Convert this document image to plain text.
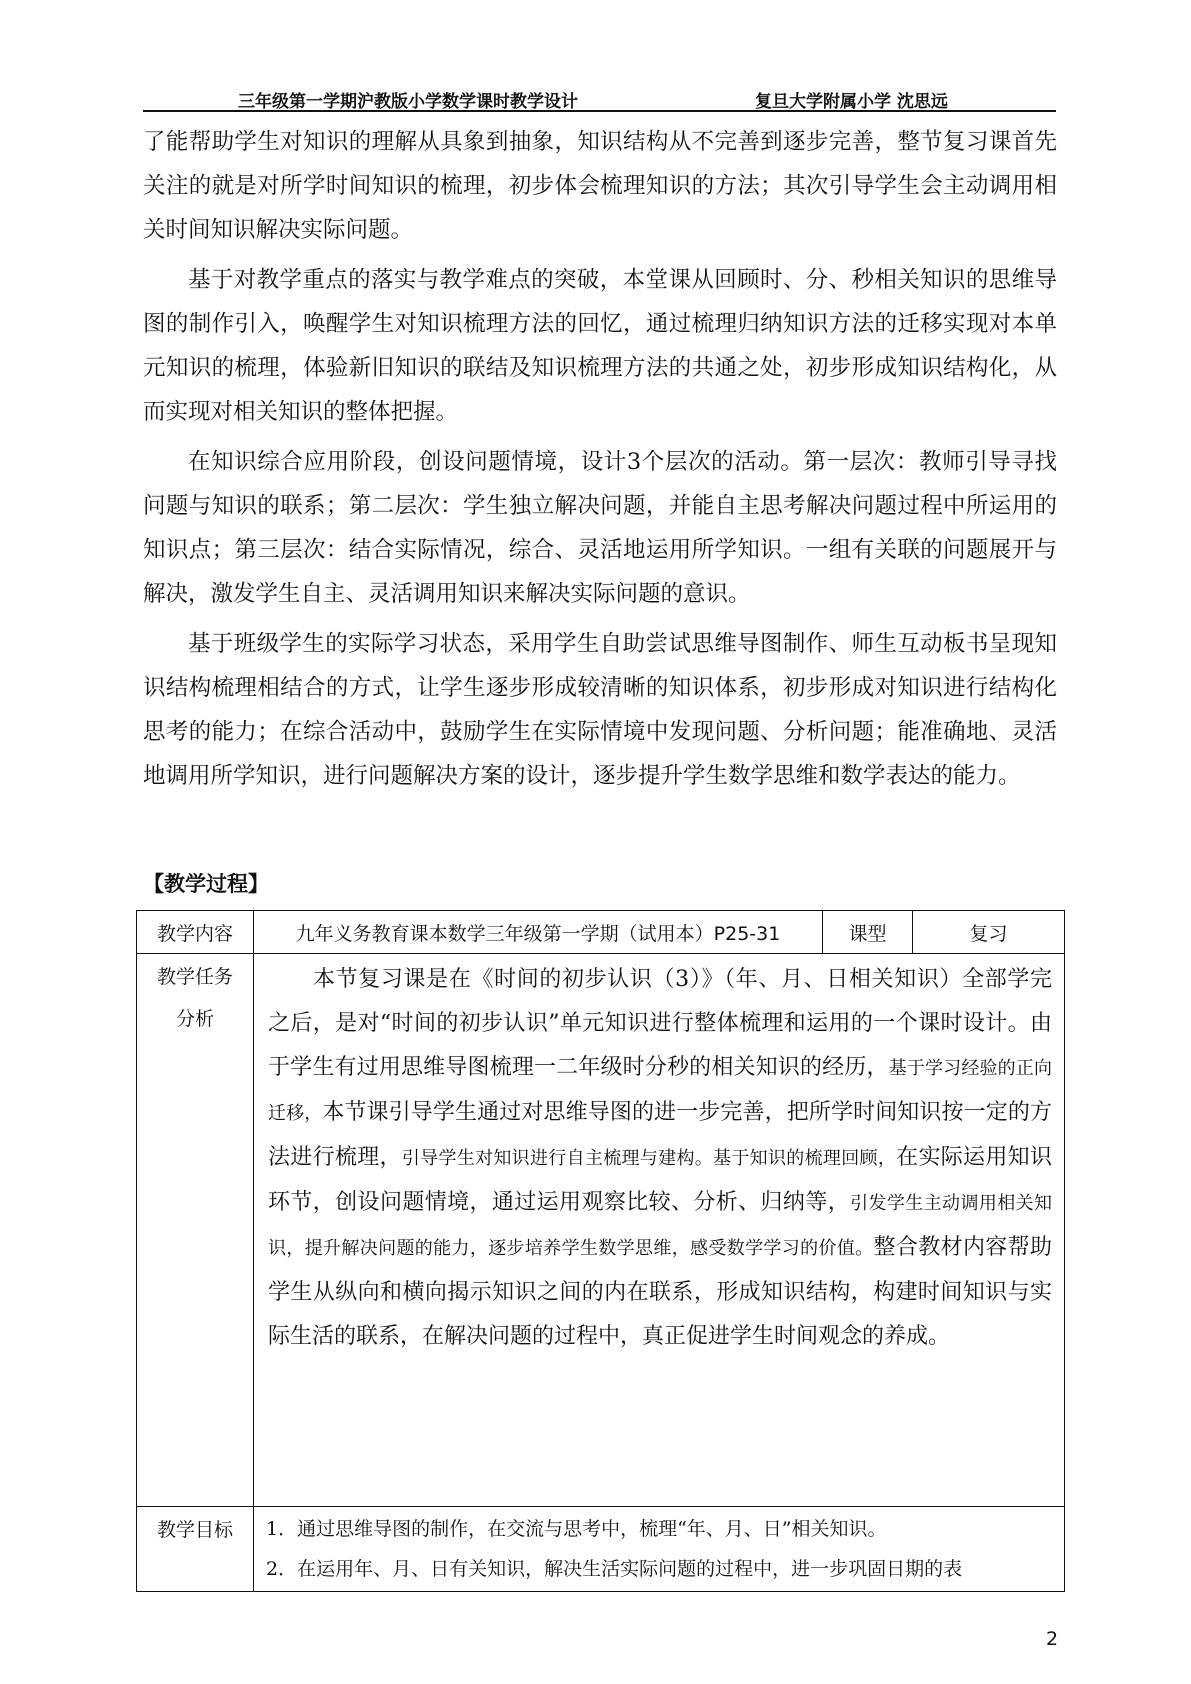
三年级第一学期沪教版小学数学课时教学设计	复旦大学附属小学 沈思远

了能帮助学生对知识的理解从具象到抽象，知识结构从不完善到逐步完善，整节复习课首先关注的就是对所学时间知识的梳理，初步体会梳理知识的方法；其次引导学生会主动调用相关时间知识解决实际问题。

基于对教学重点的落实与教学难点的突破，本堂课从回顾时、分、秒相关知识的思维导图的制作引入，唤醒学生对知识梳理方法的回忆，通过梳理归纳知识方法的迁移实现对本单元知识的梳理，体验新旧知识的联结及知识梳理方法的共通之处，初步形成知识结构化，从而实现对相关知识的整体把握。

在知识综合应用阶段，创设问题情境，设计3个层次的活动。第一层次：教师引导寻找问题与知识的联系；第二层次：学生独立解决问题，并能自主思考解决问题过程中所运用的知识点；第三层次：结合实际情况，综合、灵活地运用所学知识。一组有关联的问题展开与解决，激发学生自主、灵活调用知识来解决实际问题的意识。

基于班级学生的实际学习状态，采用学生自助尝试思维导图制作、师生互动板书呈现知识结构梳理相结合的方式，让学生逐步形成较清晰的知识体系，初步形成对知识进行结构化思考的能力；在综合活动中，鼓励学生在实际情境中发现问题、分析问题；能准确地、灵活地调用所学知识，进行问题解决方案的设计，逐步提升学生数学思维和数学表达的能力。

【教学过程】
教学内容	九年义务教育课本数学三年级第一学期（试用本）P25-31	课型	复习

教学任务
分析	本节复习课是在《时间的初步认识（3）》（年、月、日相关知识）全部学完之后，是对“时间的初步认识”单元知识进行整体梳理和运用的一个课时设计。由于学生有过用思维导图梳理一二年级时分秒的相关知识的经历，基于学习经验的正向迁移，本节课引导学生通过对思维导图的进一步完善，把所学时间知识按一定的方法进行梳理，引导学生对知识进行自主梳理与建构。基于知识的梳理回顾，在实际运用知识环节，创设问题情境，通过运用观察比较、分析、归纳等，引发学生主动调用相关知识，提升解决问题的能力，逐步培养学生数学思维，感受数学学习的价值。整合教材内容帮助学生从纵向和横向揭示知识之间的内在联系，形成知识结构，构建时间知识与实际生活的联系，在解决问题的过程中，真正促进学生时间观念的养成。		

教学目标	1．通过思维导图的制作，在交流与思考中，梳理“年、月、日”相关知识。
2．在运用年、月、日有关知识，解决生活实际问题的过程中，进一步巩固日期的表		
2
